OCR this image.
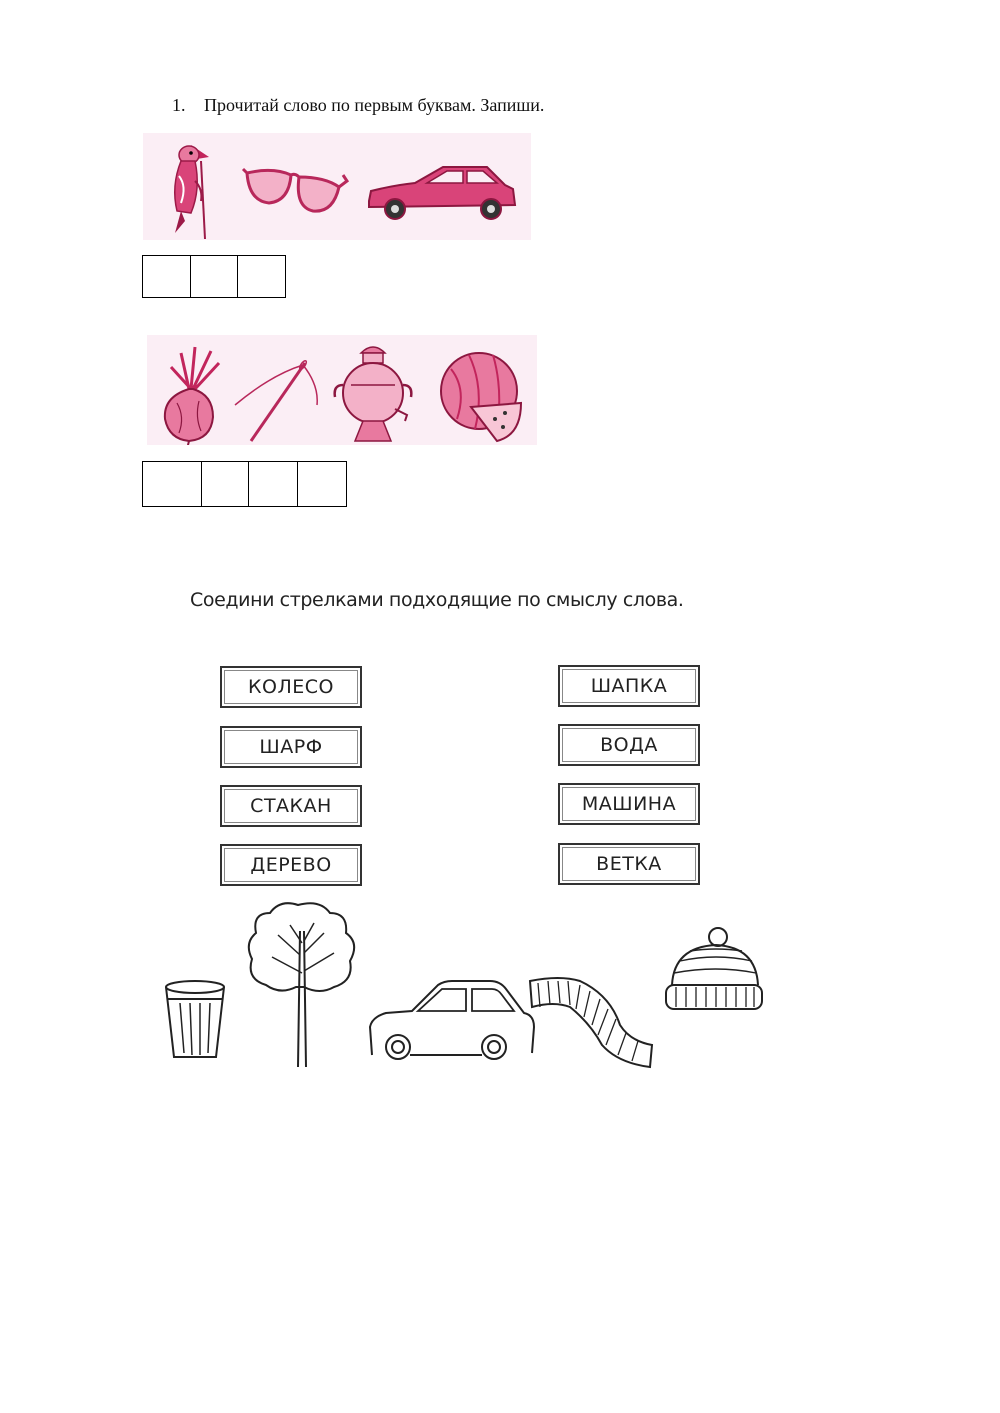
1. Прочитай слово по первым буквам. Запиши.
Соедини стрелками подходящие по смыслу слова.
КОЛЕСО
ШАРФ
СТАКАН
ДЕРЕВО
ШАПКА
ВОДА
МАШИНА
ВЕТКА
